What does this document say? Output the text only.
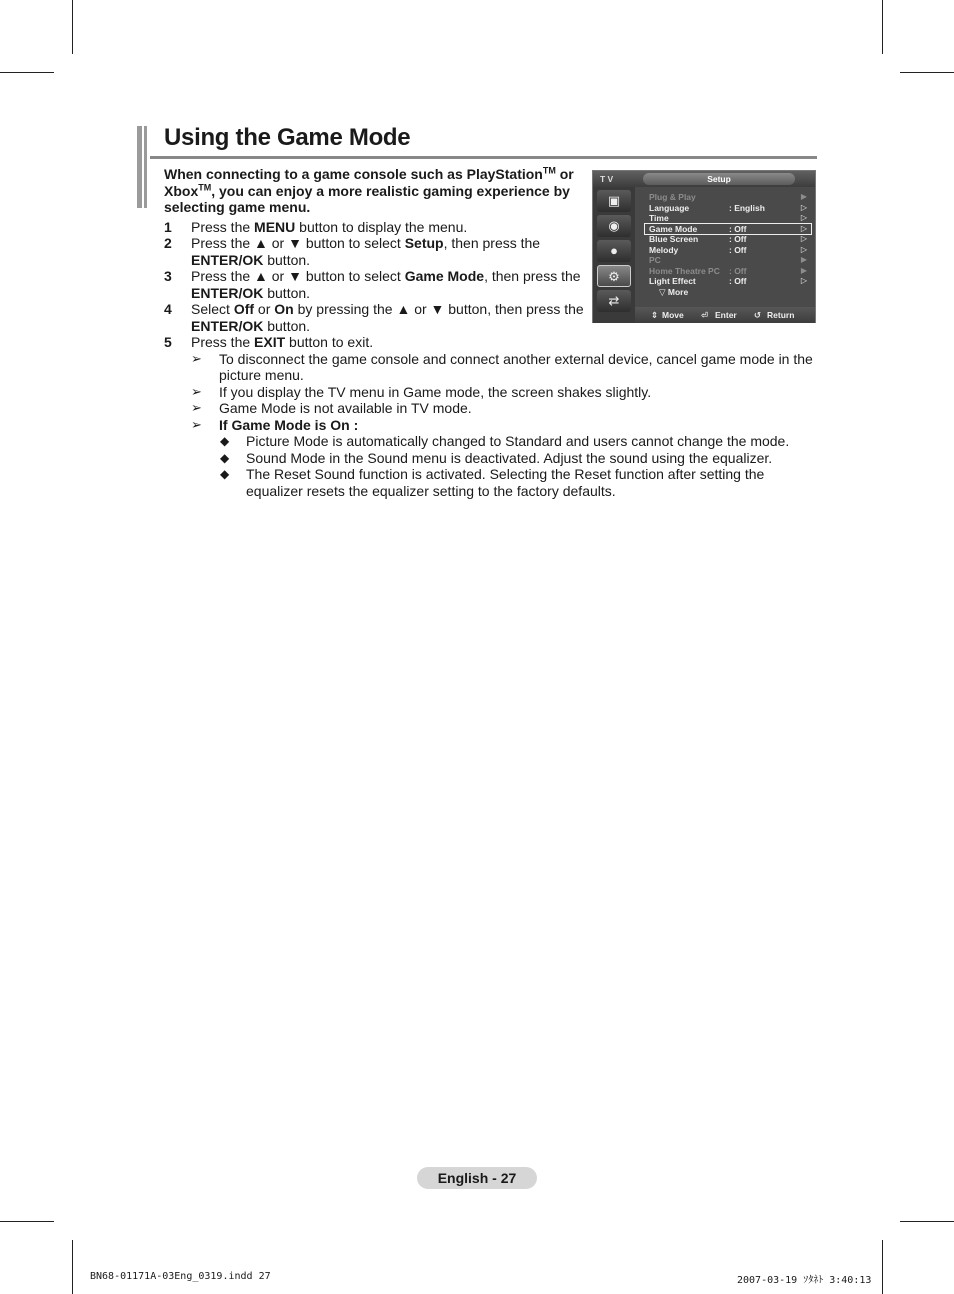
Using the Game Mode

When connecting to a game console such as PlayStation™ or Xbox™, you can enjoy a more realistic gaming experience by selecting game menu.

1 Press the MENU button to display the menu.
2 Press the ▲ or ▼ button to select Setup, then press the ENTER/OK button.
3 Press the ▲ or ▼ button to select Game Mode, then press the ENTER/OK button.
4 Select Off or On by pressing the ▲ or ▼ button, then press the ENTER/OK button.
5 Press the EXIT button to exit.
➢ To disconnect the game console and connect another external device, cancel game mode in the picture menu.
➢ If you display the TV menu in Game mode, the screen shakes slightly.
➢ Game Mode is not available in TV mode.
➢ If Game Mode is On :
◆ Picture Mode is automatically changed to Standard and users cannot change the mode.
◆ Sound Mode in the Sound menu is deactivated. Adjust the sound using the equalizer.
◆ The Reset Sound function is activated. Selecting the Reset function after setting the equalizer resets the equalizer setting to the factory defaults.
T V	Setup
▣
◉
●
⚙
⇄
Plug & Play	▶
Language	: English	▷
Time	▷
Game Mode	: Off	▷
Blue Screen	: Off	▷
Melody	: Off	▷
PC	▶
Home Theatre PC : Off	▶
Light Effect	: Off	▷
▽ More
⇕ Move ⏎ Enter ↺ Return
English - 27
BN68-01171A-03Eng_0319.indd 27	2007-03-19 ｿﾀﾈﾄ 3:40:13
